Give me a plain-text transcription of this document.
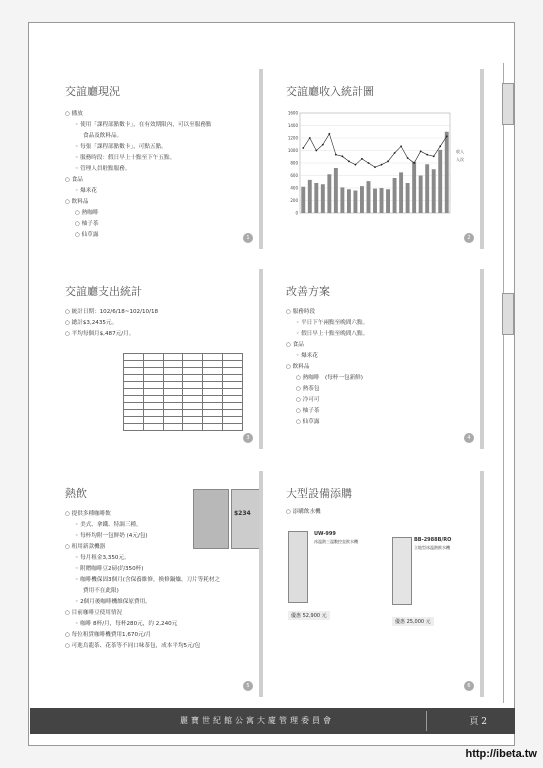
交誼廳現況
○ 播放
◦ 使用「課程部點數卡」，在有效期限內，可以至服務點
食品及飲料品。
◦ 每張「課程部點數卡」，可點五點。
◦ 服務時段：假日早上十點至下午五點。
◦ 管理人員駐點服務。
○ 食品
◦ 爆米花
○ 飲料品
○ 熱咖啡
○ 柚子茶
○ 仙草露	1
交誼廳收入統計圖
1600
1400
1200
1000
800
600
400
200
0
收入
人次
2
交誼廳支出統計
○ 統計日期：102/6/18~102/10/18
○ 總計$3,2435元。
○ 平均每個月$,487元/月。

3
改善方案
○ 服務時段
◦ 平日下午兩點至晚間六點。
◦ 假日早上十點至晚間八點。
○ 食品
◦ 爆米花
○ 飲料品
○ 熱咖啡　(每杯一包新鮮)
○ 熱茶包
○ 冷可可
○ 柚子茶
○ 仙草露
4
熱飲
○ 提供多種咖啡飲
◦ 美式、拿鐵、特調三種。
◦ 每杯均附一包鮮奶 (4元/包)
○ 租用新款機器
◦ 每月租金3,350元。
◦ 附贈咖啡豆2磅(約350杯)
◦ 咖啡機保固3個月(含保養維修，換修鍋爐、刀片等耗材之
費用不在此限)
◦ 2個月後咖啡機維保原費用。
○ 目前咖啡豆使用情況
◦ 咖啡 8杯/月，每杯280元，約 2,240元
○ 每位租賃咖啡機費用1,670元/月
○ 可進烏龍茶、花茶等不同口味茶包，成本平均5元/包
$234
5
大型設備添購
○ 添購飲水機
UW-999
冰溫熱三溫數控直飲水機
優惠 52,900 元
BB-2988B/RO
立地型冰溫熱飲水機
優惠 25,000 元
6
麗寶世紀館公寓大廈管理委員會	頁 2
http://ibeta.tw
